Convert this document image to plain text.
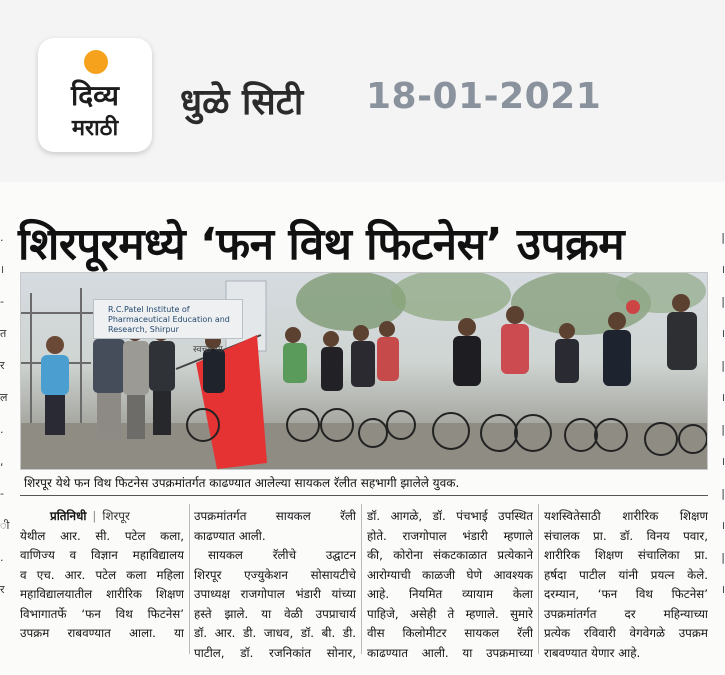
दिव्य
मराठी
धुळे सिटी 18-01-2021
.
।
-
त
र
ल
.
,
-
ी
.
र
|
।
|
।
|
।
|
।
|
।
|
।
शिरपूरमध्ये ‘फन विथ फिटनेस’ उपक्रम
R.C.Patel Institute of Pharmaceutical Education and Research, Shirpur
स्वच्छ भा
शिरपूर येथे फन विथ फिटनेस उपक्रमांतर्गत काढण्यात आलेल्या सायकल रॅलीत सहभागी झालेले युवक.

प्रतिनिधी | शिरपूर

येथील आर. सी. पटेल कला,

वाणिज्य व विज्ञान महाविद्यालय

व एच. आर. पटेल कला महिला

महाविद्यालयातील शारीरिक शिक्षण

विभागातर्फे ‘फन विथ फिटनेस’

उपक्रम राबवण्यात आला. या

उपक्रमांतर्गत सायकल रॅली

काढण्यात आली.

सायकल रॅलीचे उद्घाटन

शिरपूर एज्युकेशन सोसायटीचे

उपाध्यक्ष राजगोपाल भंडारी यांच्या

हस्ते झाले. या वेळी उपप्राचार्य

डॉ. आर. डी. जाधव, डॉ. बी. डी.

पाटील, डॉ. रजनिकांत सोनार,

डॉ. आगळे, डॉ. पंचभाई उपस्थित

होते. राजगोपाल भंडारी म्हणाले

की, कोरोना संकटकाळात प्रत्येकाने

आरोग्याची काळजी घेणे आवश्यक

आहे. नियमित व्यायाम केला

पाहिजे, असेही ते म्हणाले. सुमारे

वीस किलोमीटर सायकल रॅली

काढण्यात आली. या उपक्रमाच्या

यशस्वितेसाठी शारीरिक शिक्षण

संचालक प्रा. डॉ. विनय पवार,

शारीरिक शिक्षण संचालिका प्रा.

हर्षदा पाटील यांनी प्रयत्न केले.

दरम्यान, ‘फन विथ फिटनेस’

उपक्रमांतर्गत दर महिन्याच्या

प्रत्येक रविवारी वेगवेगळे उपक्रम

राबवण्यात येणार आहे.
